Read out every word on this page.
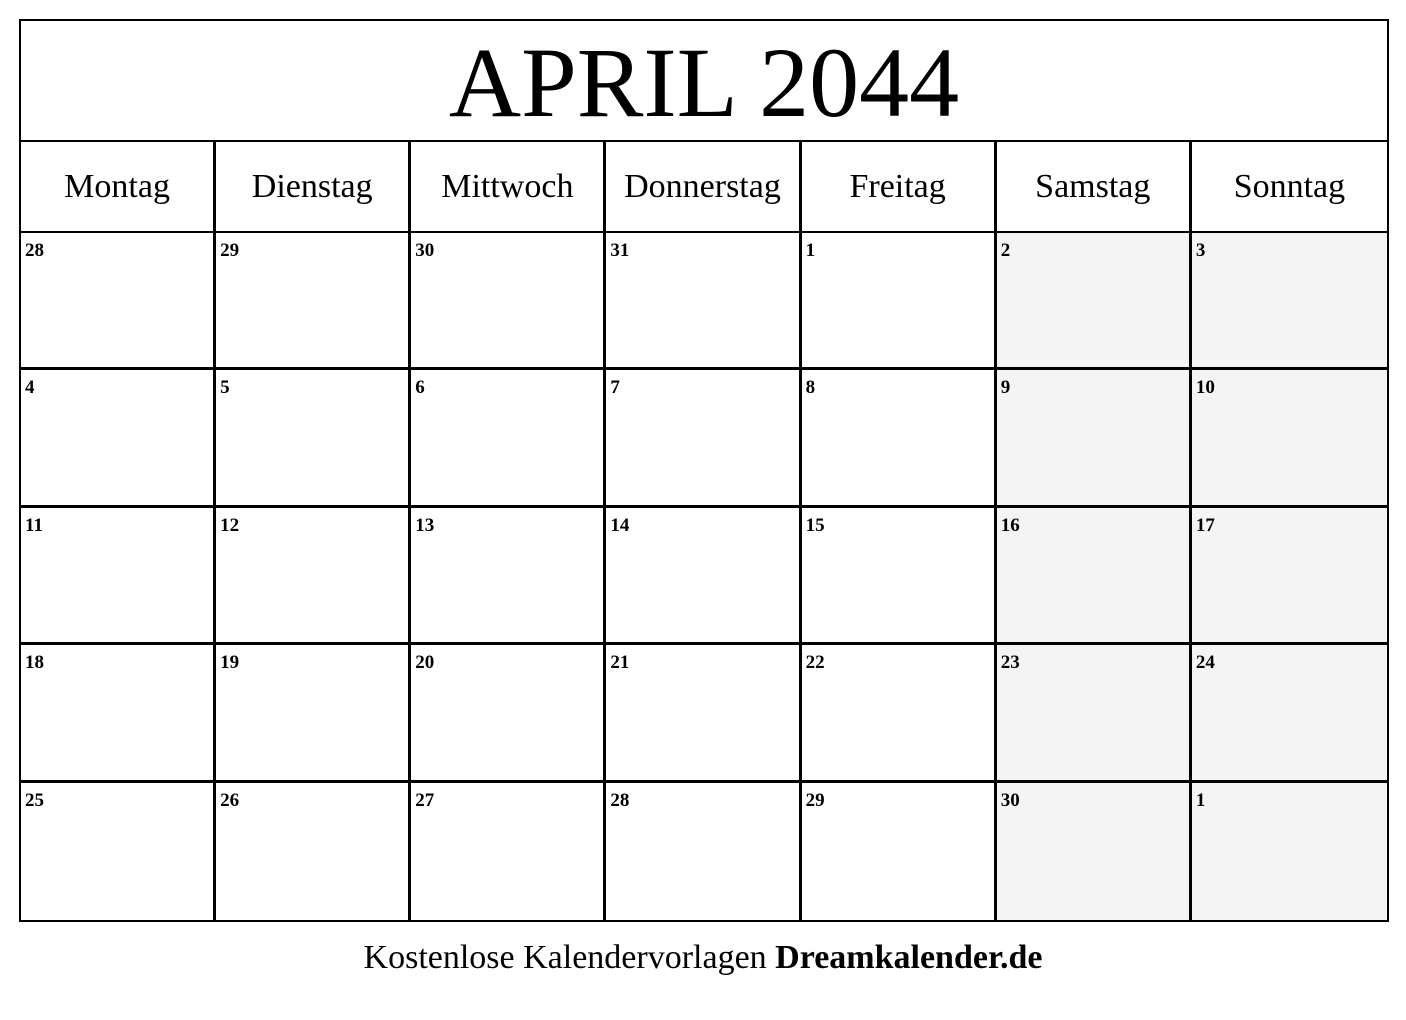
APRIL 2044
Montag	Dienstag	Mittwoch	Donnerstag	Freitag	Samstag	Sonntag
28	29	30	31	1	2	3
4	5	6	7	8	9	10
11	12	13	14	15	16	17
18	19	20	21	22	23	24
25	26	27	28	29	30	1
Kostenlose Kalendervorlagen Dreamkalender.de
